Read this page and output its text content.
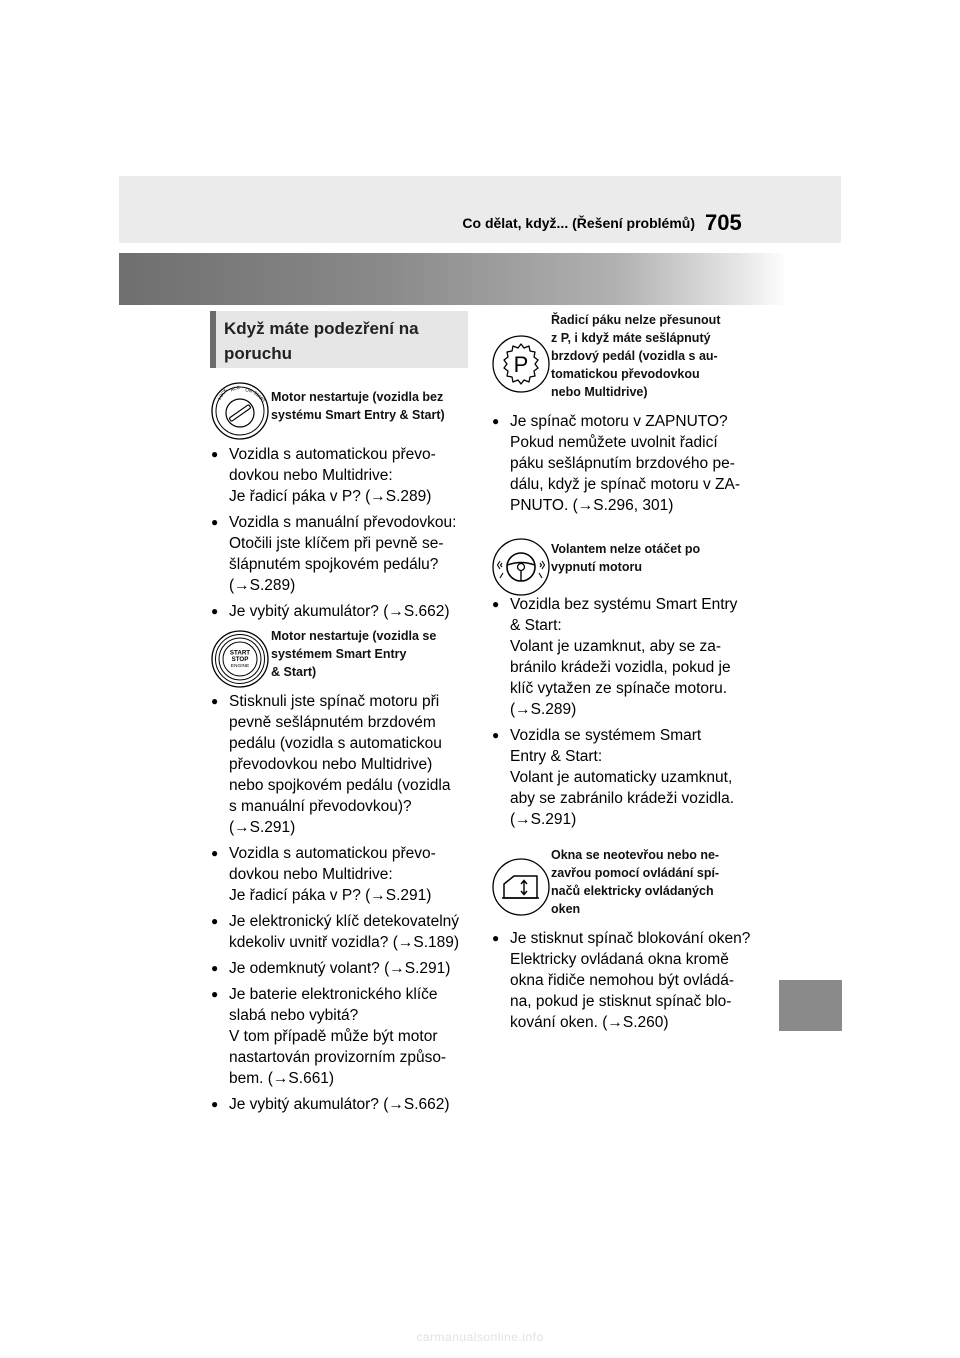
Co dělat, když... (Řešení problémů) 705
Když máte podezření na
poruchu
LOCK ACC ON START Motor nestartuje (vozidla bez
systému Smart Entry & Start)
● Vozidla s automatickou převo-
dovkou nebo Multidrive:
Je řadicí páka v P? (→S.289)
● Vozidla s manuální převodovkou:
Otočili jste klíčem při pevně se-
šlápnutém spojkovém pedálu?
(→S.289)
● Je vybitý akumulátor? (→S.662)
START
STOP
ENGINE
Motor nestartuje (vozidla se
systémem Smart Entry
& Start)
● Stisknuli jste spínač motoru při
pevně sešlápnutém brzdovém
pedálu (vozidla s automatickou
převodovkou nebo Multidrive)
nebo spojkovém pedálu (vozidla
s manuální převodovkou)?
(→S.291)
● Vozidla s automatickou převo-
dovkou nebo Multidrive:
Je řadicí páka v P? (→S.291)
● Je elektronický klíč detekovatelný
kdekoliv uvnitř vozidla? (→S.189)
● Je odemknutý volant? (→S.291)
● Je baterie elektronického klíče
slabá nebo vybitá?
V tom případě může být motor
nastartován provizorním způso-
bem. (→S.661)
● Je vybitý akumulátor? (→S.662)
P
Řadicí páku nelze přesunout
z P, i když máte sešlápnutý
brzdový pedál (vozidla s au-
tomatickou převodovkou
nebo Multidrive)
● Je spínač motoru v ZAPNUTO?
Pokud nemůžete uvolnit řadicí
páku sešlápnutím brzdového pe-
dálu, když je spínač motoru v ZA-
PNUTO. (→S.296, 301)
Volantem nelze otáčet po
vypnutí motoru
● Vozidla bez systému Smart Entry
& Start:
Volant je uzamknut, aby se za-
bránilo krádeži vozidla, pokud je
klíč vytažen ze spínače motoru.
(→S.289)
● Vozidla se systémem Smart
Entry & Start:
Volant je automaticky uzamknut,
aby se zabránilo krádeži vozidla.
(→S.291)
Okna se neotevřou nebo ne-
zavřou pomocí ovládání spí-
načů elektricky ovládaných
oken
● Je stisknut spínač blokování oken?
Elektricky ovládaná okna kromě
okna řidiče nemohou být ovládá-
na, pokud je stisknut spínač blo-
kování oken. (→S.260)
carmanualsonline.info
